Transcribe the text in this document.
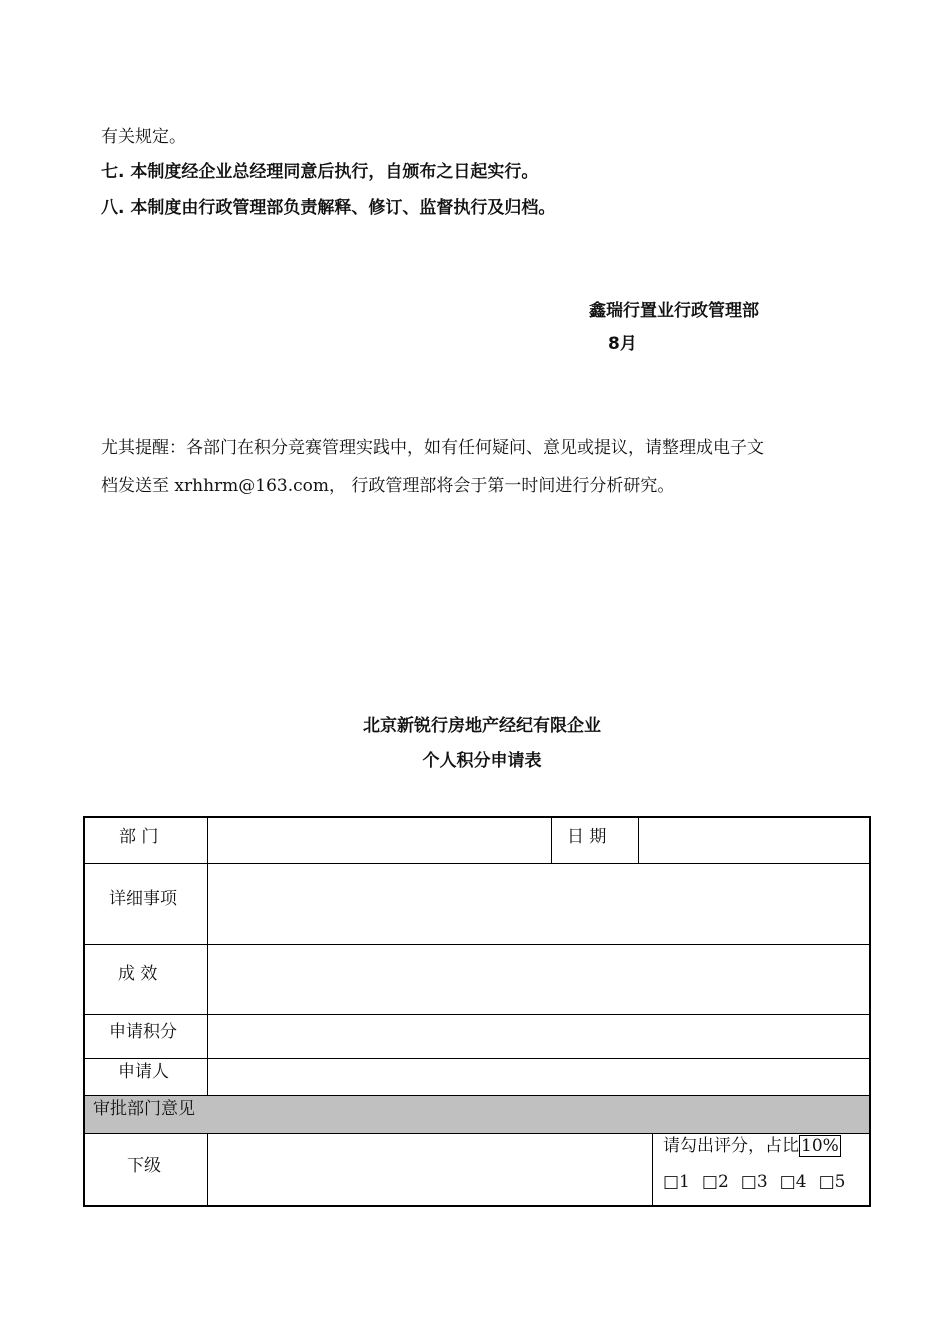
有关规定。
七. 本制度经企业总经理同意后执行，自颁布之日起实行。
八. 本制度由行政管理部负责解释、修订、监督执行及归档。
鑫瑞行置业行政管理部
8月
尤其提醒：各部门在积分竞赛管理实践中，如有任何疑问、意见或提议，请整理成电子文
档发送至 xrhhrm@163.com， 行政管理部将会于第一时间进行分析研究。
北京新锐行房地产经纪有限企业
个人积分申请表
部 门	日 期
详细事项
成 效
申请积分
申请人
审批部门意见
下级
请勾出评分，占比 10%
□1 □2 □3 □4 □5
